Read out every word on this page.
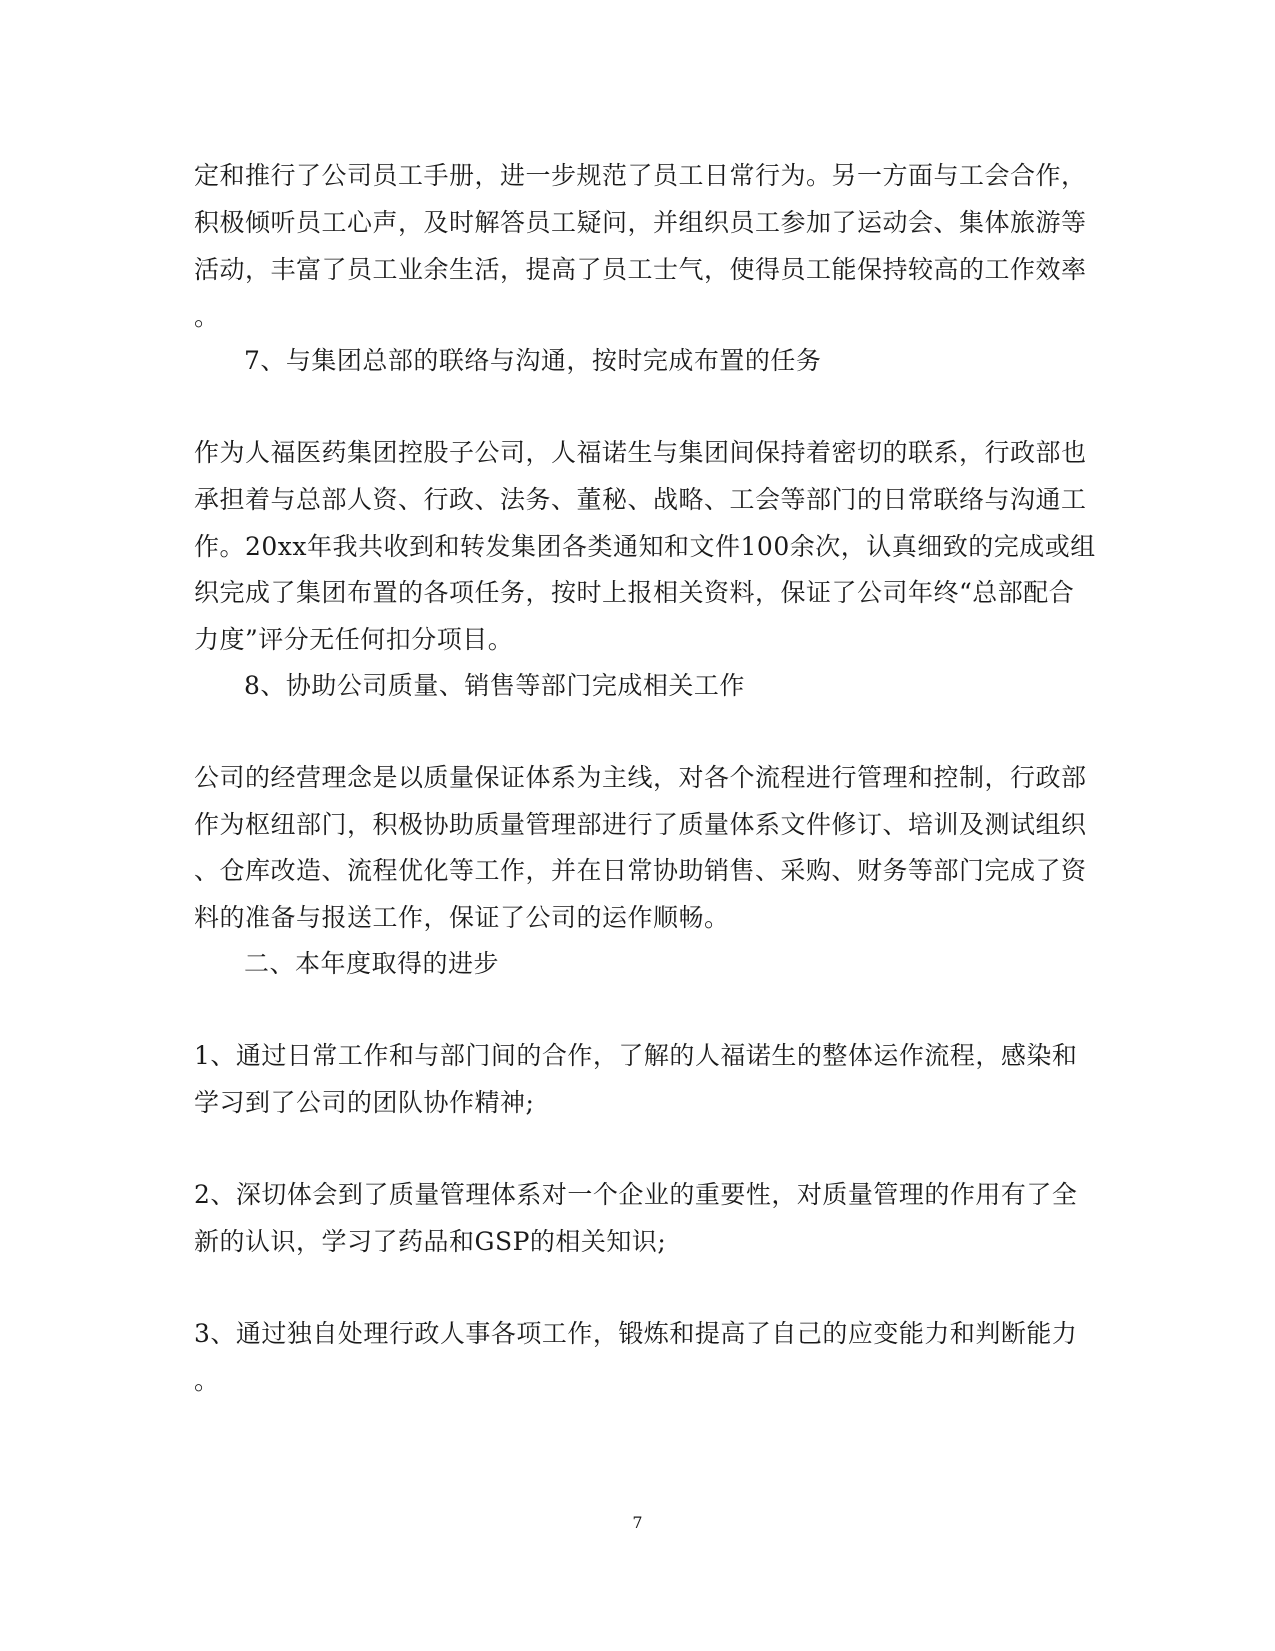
定和推行了公司员工手册，进一步规范了员工日常行为。另一方面与工会合作，
积极倾听员工心声，及时解答员工疑问，并组织员工参加了运动会、集体旅游等
活动，丰富了员工业余生活，提高了员工士气，使得员工能保持较高的工作效率
。
7、与集团总部的联络与沟通，按时完成布置的任务
作为人福医药集团控股子公司，人福诺生与集团间保持着密切的联系，行政部也
承担着与总部人资、行政、法务、董秘、战略、工会等部门的日常联络与沟通工
作。20xx年我共收到和转发集团各类通知和文件100余次，认真细致的完成或组
织完成了集团布置的各项任务，按时上报相关资料，保证了公司年终“总部配合
力度”评分无任何扣分项目。
8、协助公司质量、销售等部门完成相关工作
公司的经营理念是以质量保证体系为主线，对各个流程进行管理和控制，行政部
作为枢纽部门，积极协助质量管理部进行了质量体系文件修订、培训及测试组织
、仓库改造、流程优化等工作，并在日常协助销售、采购、财务等部门完成了资
料的准备与报送工作，保证了公司的运作顺畅。
二、本年度取得的进步
1、通过日常工作和与部门间的合作，了解的人福诺生的整体运作流程，感染和
学习到了公司的团队协作精神;
2、深切体会到了质量管理体系对一个企业的重要性，对质量管理的作用有了全
新的认识，学习了药品和GSP的相关知识;
3、通过独自处理行政人事各项工作，锻炼和提高了自己的应变能力和判断能力
。
7
